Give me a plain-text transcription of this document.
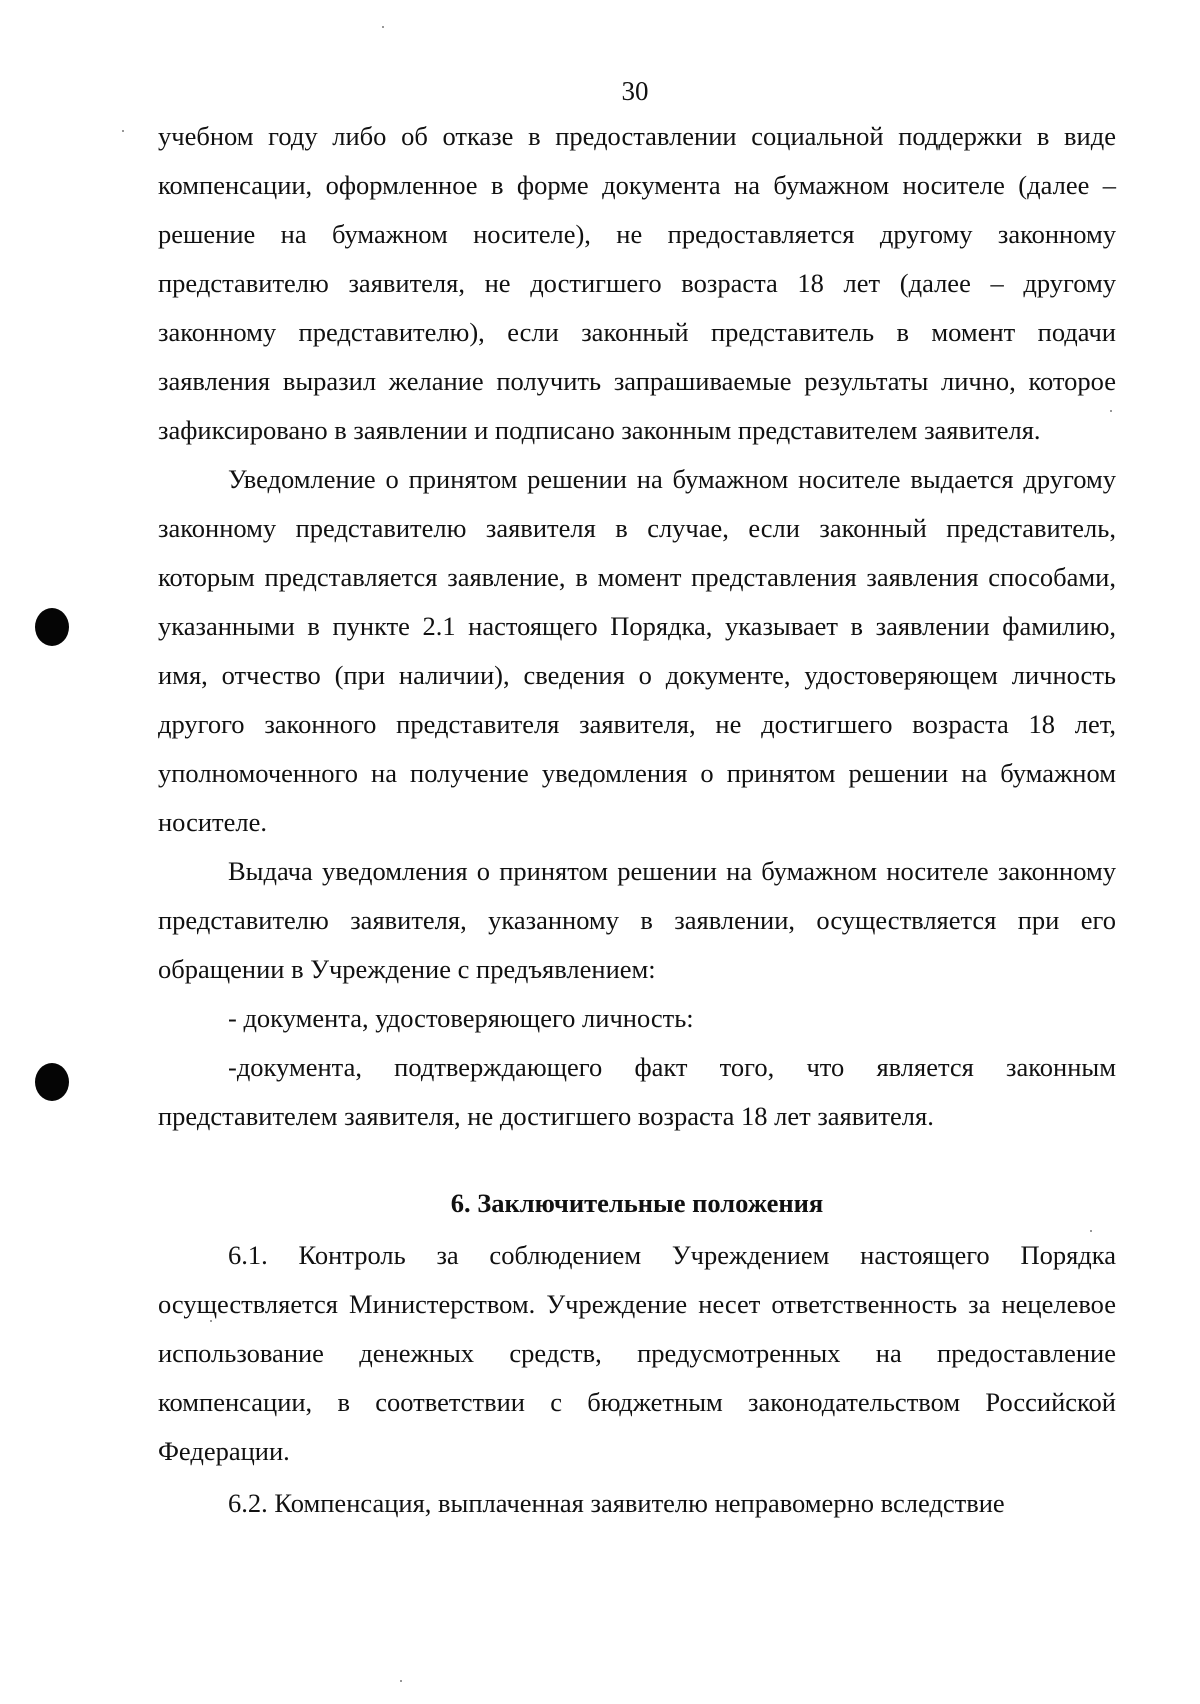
30

учебном году либо об отказе в предоставлении социальной поддержки в виде компенсации, оформленное в форме документа на бумажном носителе (далее – решение на бумажном носителе), не предоставляется другому законному представителю заявителя, не достигшего возраста 18 лет (далее – другому законному представителю), если законный представитель в момент подачи заявления выразил желание получить запрашиваемые результаты лично, которое зафиксировано в заявлении и подписано законным представителем заявителя.

Уведомление о принятом решении на бумажном носителе выдается другому законному представителю заявителя в случае, если законный представитель, которым представляется заявление, в момент представления заявления способами, указанными в пункте 2.1 настоящего Порядка, указывает в заявлении фамилию, имя, отчество (при наличии), сведения о документе, удостоверяющем личность другого законного представителя заявителя, не достигшего возраста 18 лет, уполномоченного на получение уведомления о принятом решении на бумажном носителе.

Выдача уведомления о принятом решении на бумажном носителе законному представителю заявителя, указанному в заявлении, осуществляется при его обращении в Учреждение с предъявлением:

- документа, удостоверяющего личность:

-документа, подтверждающего факт того, что является законным представителем заявителя, не достигшего возраста 18 лет заявителя.

6. Заключительные положения

6.1. Контроль за соблюдением Учреждением настоящего Порядка осуществляется Министерством. Учреждение несет ответственность за нецелевое использование денежных средств, предусмотренных на предоставление компенсации, в соответствии с бюджетным законодательством Российской Федерации.

6.2. Компенсация, выплаченная заявителю неправомерно вследствие
